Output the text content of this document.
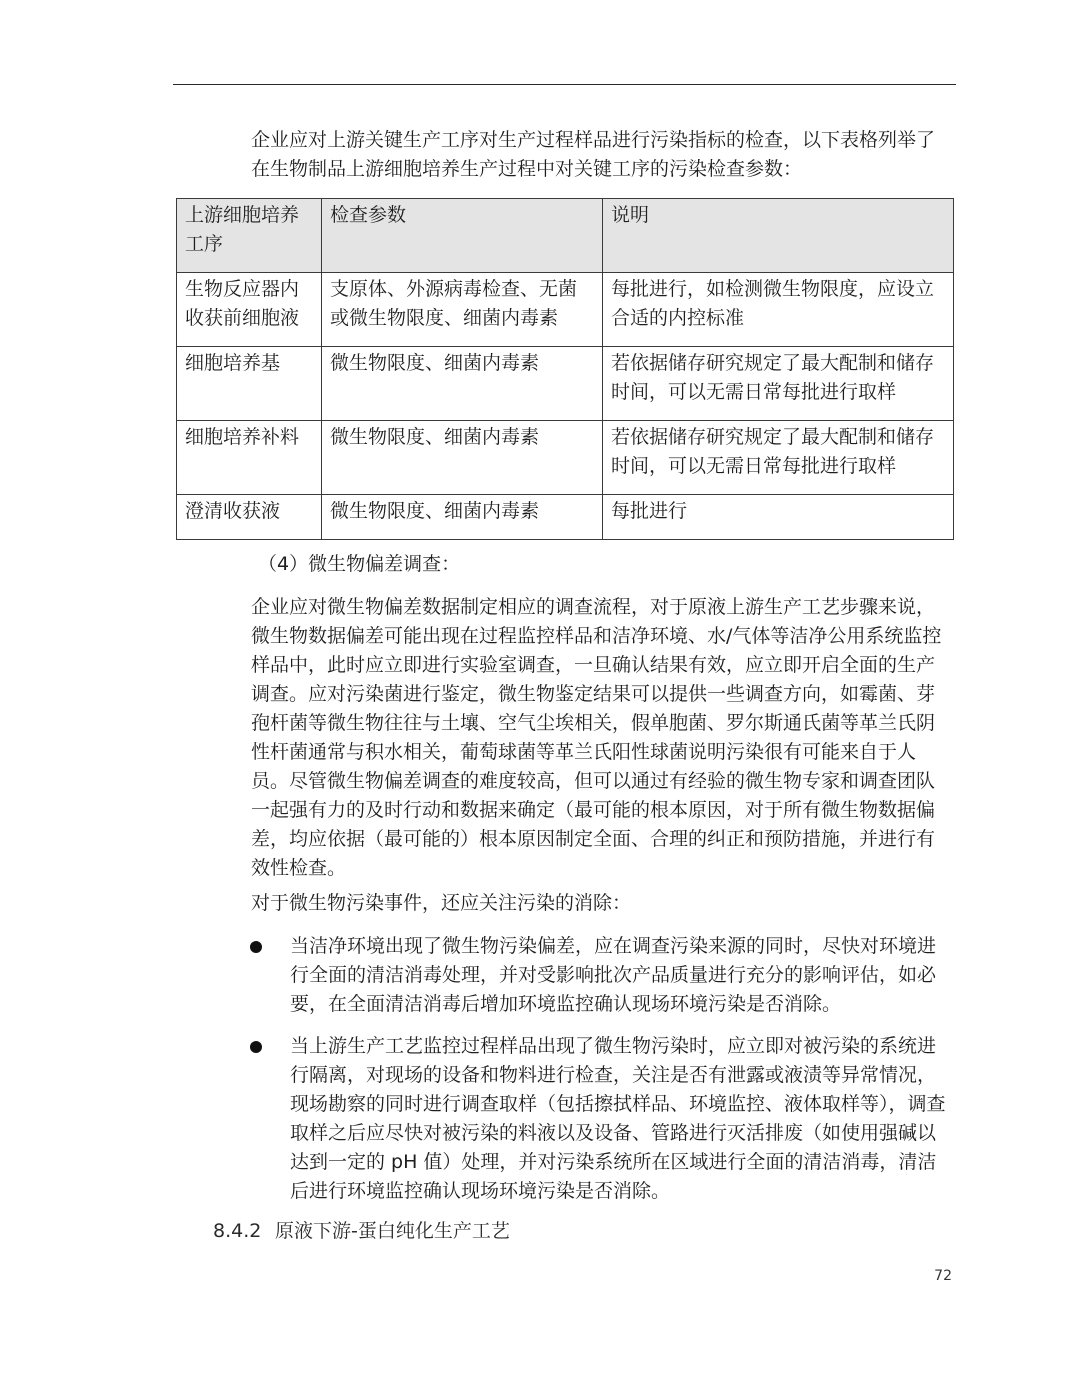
企业应对上游关键生产工序对生产过程样品进行污染指标的检查，以下表格列举了在生物制品上游细胞培养生产过程中对关键工序的污染检查参数：

上游细胞培养工序	检查参数	说明
生物反应器内收获前细胞液	支原体、外源病毒检查、无菌或微生物限度、细菌内毒素	每批进行，如检测微生物限度，应设立合适的内控标准
细胞培养基	微生物限度、细菌内毒素	若依据储存研究规定了最大配制和储存时间，可以无需日常每批进行取样
细胞培养补料	微生物限度、细菌内毒素	若依据储存研究规定了最大配制和储存时间，可以无需日常每批进行取样
澄清收获液	微生物限度、细菌内毒素	每批进行

（4）微生物偏差调查：

企业应对微生物偏差数据制定相应的调查流程，对于原液上游生产工艺步骤来说，微生物数据偏差可能出现在过程监控样品和洁净环境、水/气体等洁净公用系统监控样品中，此时应立即进行实验室调查，一旦确认结果有效，应立即开启全面的生产调查。应对污染菌进行鉴定，微生物鉴定结果可以提供一些调查方向，如霉菌、芽孢杆菌等微生物往往与土壤、空气尘埃相关，假单胞菌、罗尔斯通氏菌等革兰氏阴性杆菌通常与积水相关，葡萄球菌等革兰氏阳性球菌说明污染很有可能来自于人员。尽管微生物偏差调查的难度较高，但可以通过有经验的微生物专家和调查团队一起强有力的及时行动和数据来确定（最可能的根本原因，对于所有微生物数据偏差，均应依据（最可能的）根本原因制定全面、合理的纠正和预防措施，并进行有效性检查。

对于微生物污染事件，还应关注污染的消除：

当洁净环境出现了微生物污染偏差，应在调查污染来源的同时，尽快对环境进行全面的清洁消毒处理，并对受影响批次产品质量进行充分的影响评估，如必要，在全面清洁消毒后增加环境监控确认现场环境污染是否消除。
当上游生产工艺监控过程样品出现了微生物污染时，应立即对被污染的系统进行隔离，对现场的设备和物料进行检查，关注是否有泄露或液渍等异常情况，现场勘察的同时进行调查取样（包括擦拭样品、环境监控、液体取样等），调查取样之后应尽快对被污染的料液以及设备、管路进行灭活排废（如使用强碱以达到一定的 pH 值）处理，并对污染系统所在区域进行全面的清洁消毒，清洁后进行环境监控确认现场环境污染是否消除。
8.4.2 原液下游-蛋白纯化生产工艺
72
